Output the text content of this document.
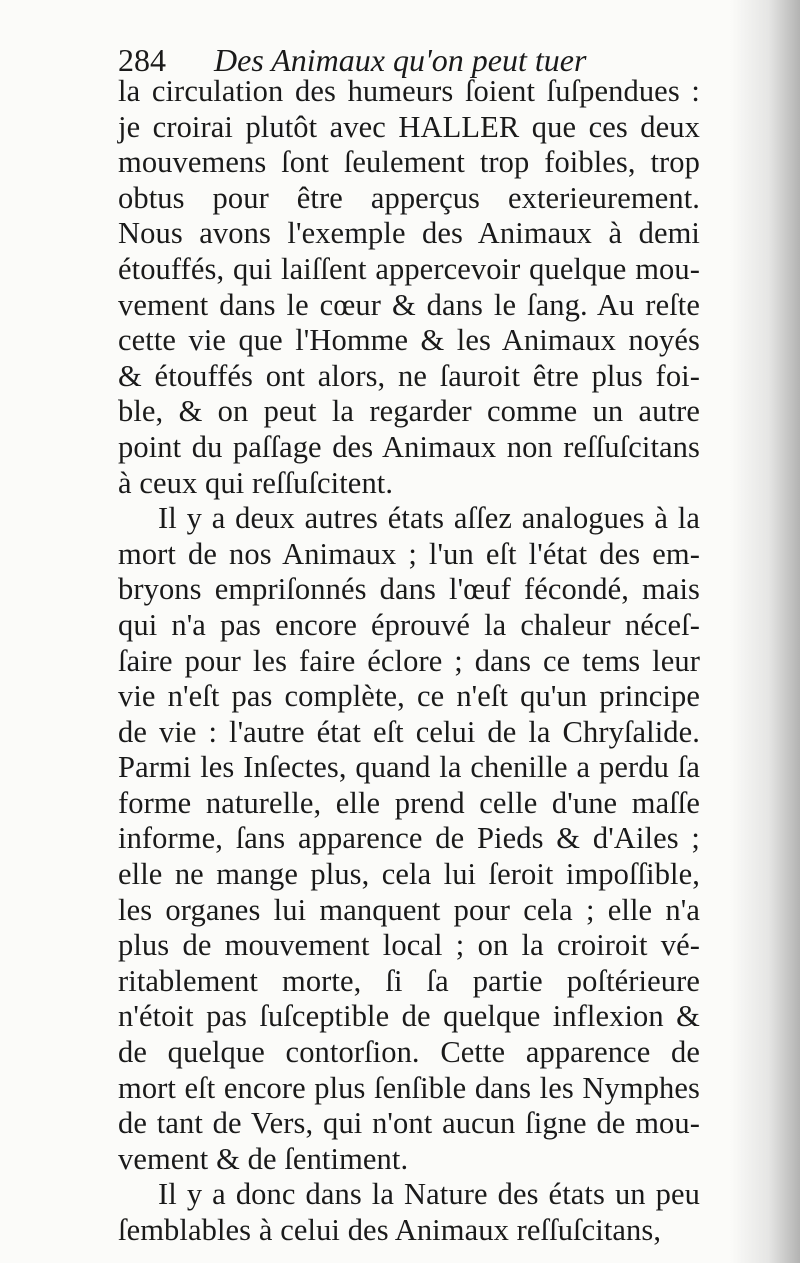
284 Des Animaux qu'on peut tuer
la circulation des humeurs ſoient ſuſpendues :
je croirai plutôt avec HALLER que ces deux
mouvemens ſont ſeulement trop foibles, trop
obtus pour être apperçus exterieurement.
Nous avons l'exemple des Animaux à demi
étouffés, qui laiſſent appercevoir quelque mou-
vement dans le cœur & dans le ſang. Au reſte
cette vie que l'Homme & les Animaux noyés
& étouffés ont alors, ne ſauroit être plus foi-
ble, & on peut la regarder comme un autre
point du paſſage des Animaux non reſſuſcitans
à ceux qui reſſuſcitent.
Il y a deux autres états aſſez analogues à la
mort de nos Animaux ; l'un eſt l'état des em-
bryons empriſonnés dans l'œuf fécondé, mais
qui n'a pas encore éprouvé la chaleur néceſ-
ſaire pour les faire éclore ; dans ce tems leur
vie n'eſt pas complète, ce n'eſt qu'un principe
de vie : l'autre état eſt celui de la Chryſalide.
Parmi les Inſectes, quand la chenille a perdu ſa
forme naturelle, elle prend celle d'une maſſe
informe, ſans apparence de Pieds & d'Ailes ;
elle ne mange plus, cela lui ſeroit impoſſible,
les organes lui manquent pour cela ; elle n'a
plus de mouvement local ; on la croiroit vé-
ritablement morte, ſi ſa partie poſtérieure
n'étoit pas ſuſceptible de quelque inflexion &
de quelque contorſion. Cette apparence de
mort eſt encore plus ſenſible dans les Nymphes
de tant de Vers, qui n'ont aucun ſigne de mou-
vement & de ſentiment.
Il y a donc dans la Nature des états un peu
ſemblables à celui des Animaux reſſuſcitans,
